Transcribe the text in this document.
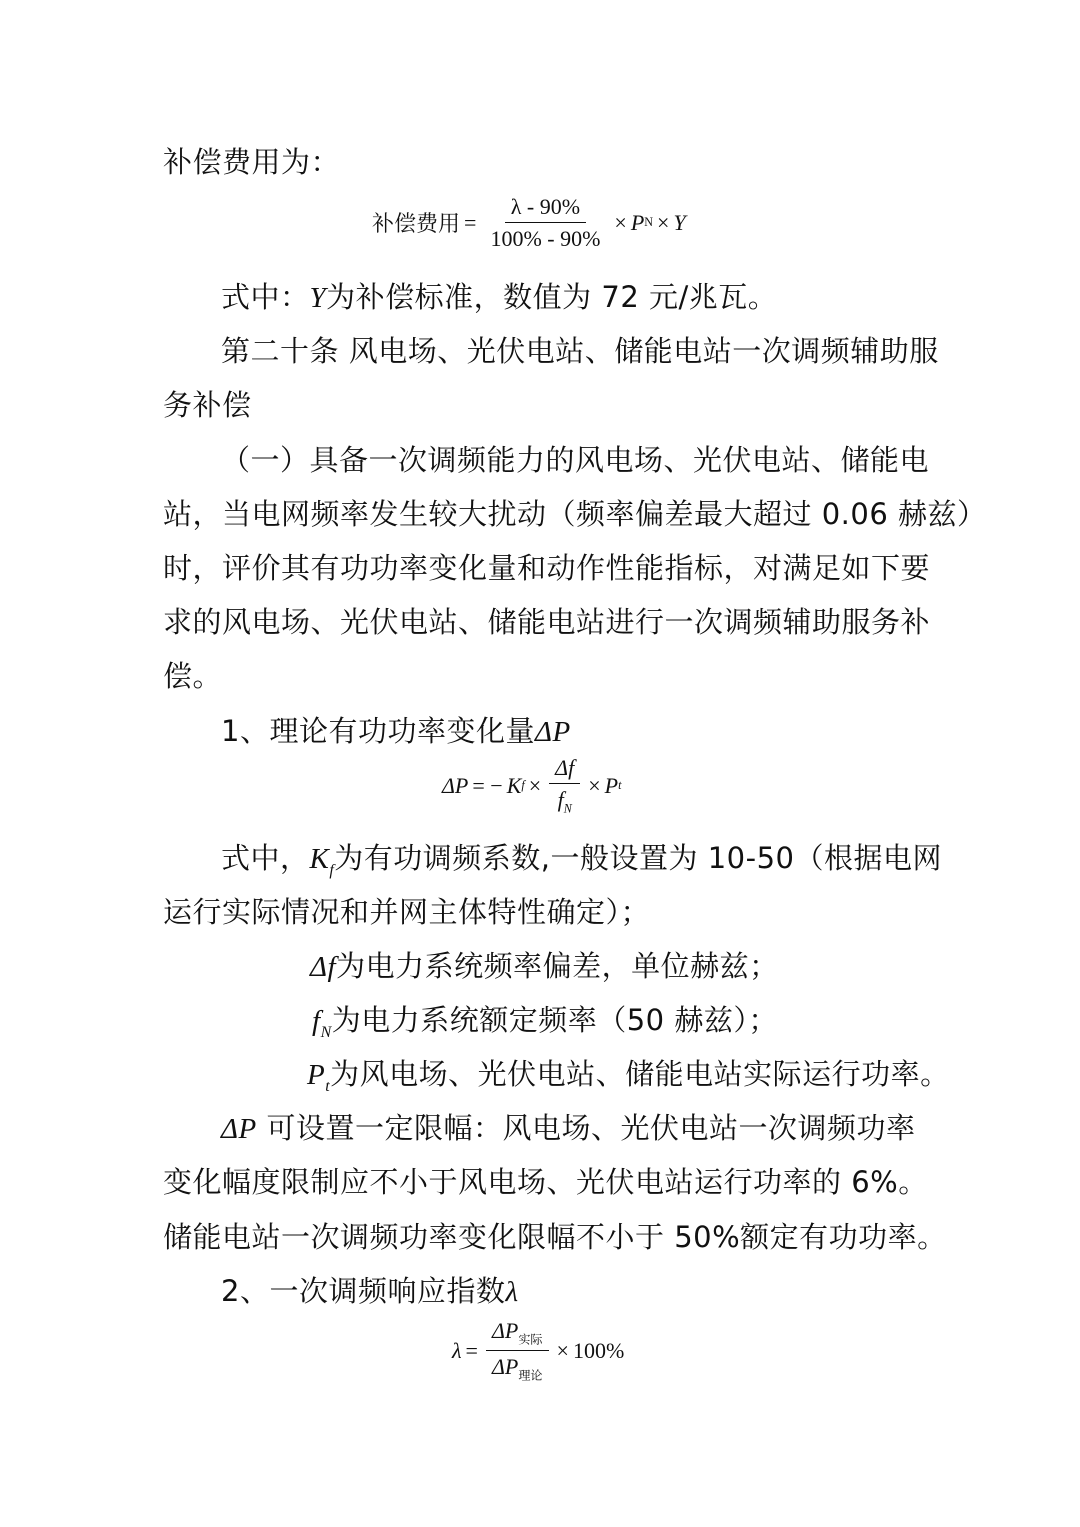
补偿费用为：
补偿费用 = $\frac{\lambda - 90\%}{100\% - 90\%} \times P$ N × Y
式中：Y为补偿标准，数值为 72 元/兆瓦。
第二十条 风电场、光伏电站、储能电站一次调频辅助服
务补偿
（一）具备一次调频能力的风电场、光伏电站、储能电
站，当电网频率发生较大扰动（频率偏差最大超过 0.06 赫兹）
时，评价其有功功率变化量和动作性能指标，对满足如下要
求的风电场、光伏电站、储能电站进行一次调频辅助服务补
偿。
1、理论有功功率变化量ΔP
ΔP = − K $f \times \frac{\Delta f}{f_N} \times P$ t
式中，$K_f$为有功调频系数,一般设置为 10-50（根据电网
运行实际情况和并网主体特性确定）；
Δf为电力系统频率偏差，单位赫兹；
$f_N$为电力系统额定频率（50 赫兹）；
$P_t$为风电场、光伏电站、储能电站实际运行功率。
ΔP 可设置一定限幅：风电场、光伏电站一次调频功率
变化幅度限制应不小于风电场、光伏电站运行功率的 6%。
储能电站一次调频功率变化限幅不小于 50%额定有功功率。
2、一次调频响应指数λ
$\lambda = \frac{\Delta P_{实际}}{\Delta P_{理论}} \times 100\%$
